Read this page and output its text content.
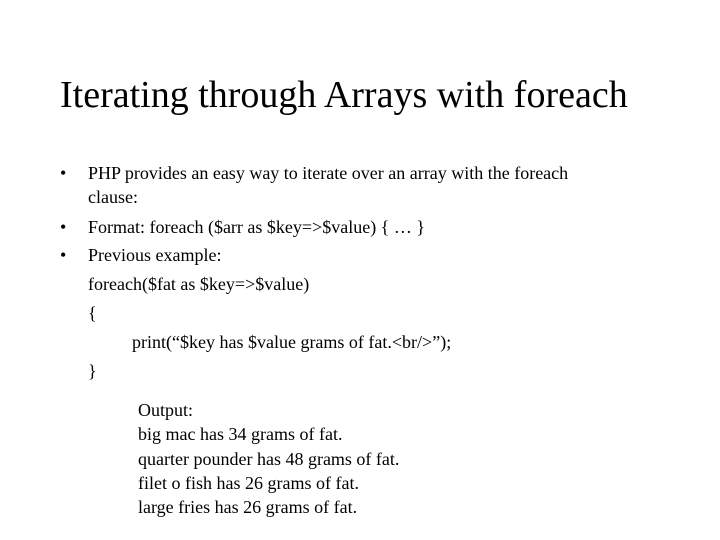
Iterating through Arrays with foreach
• PHP provides an easy way to iterate over an array with the foreach
clause:
• Format: foreach ($arr as $key=>$value) { … }
• Previous example:
foreach($fat as $key=>$value)
{
print(“$key has $value grams of fat.<br/>”);
}
Output:
big mac has 34 grams of fat.
quarter pounder has 48 grams of fat.
filet o fish has 26 grams of fat.
large fries has 26 grams of fat.
